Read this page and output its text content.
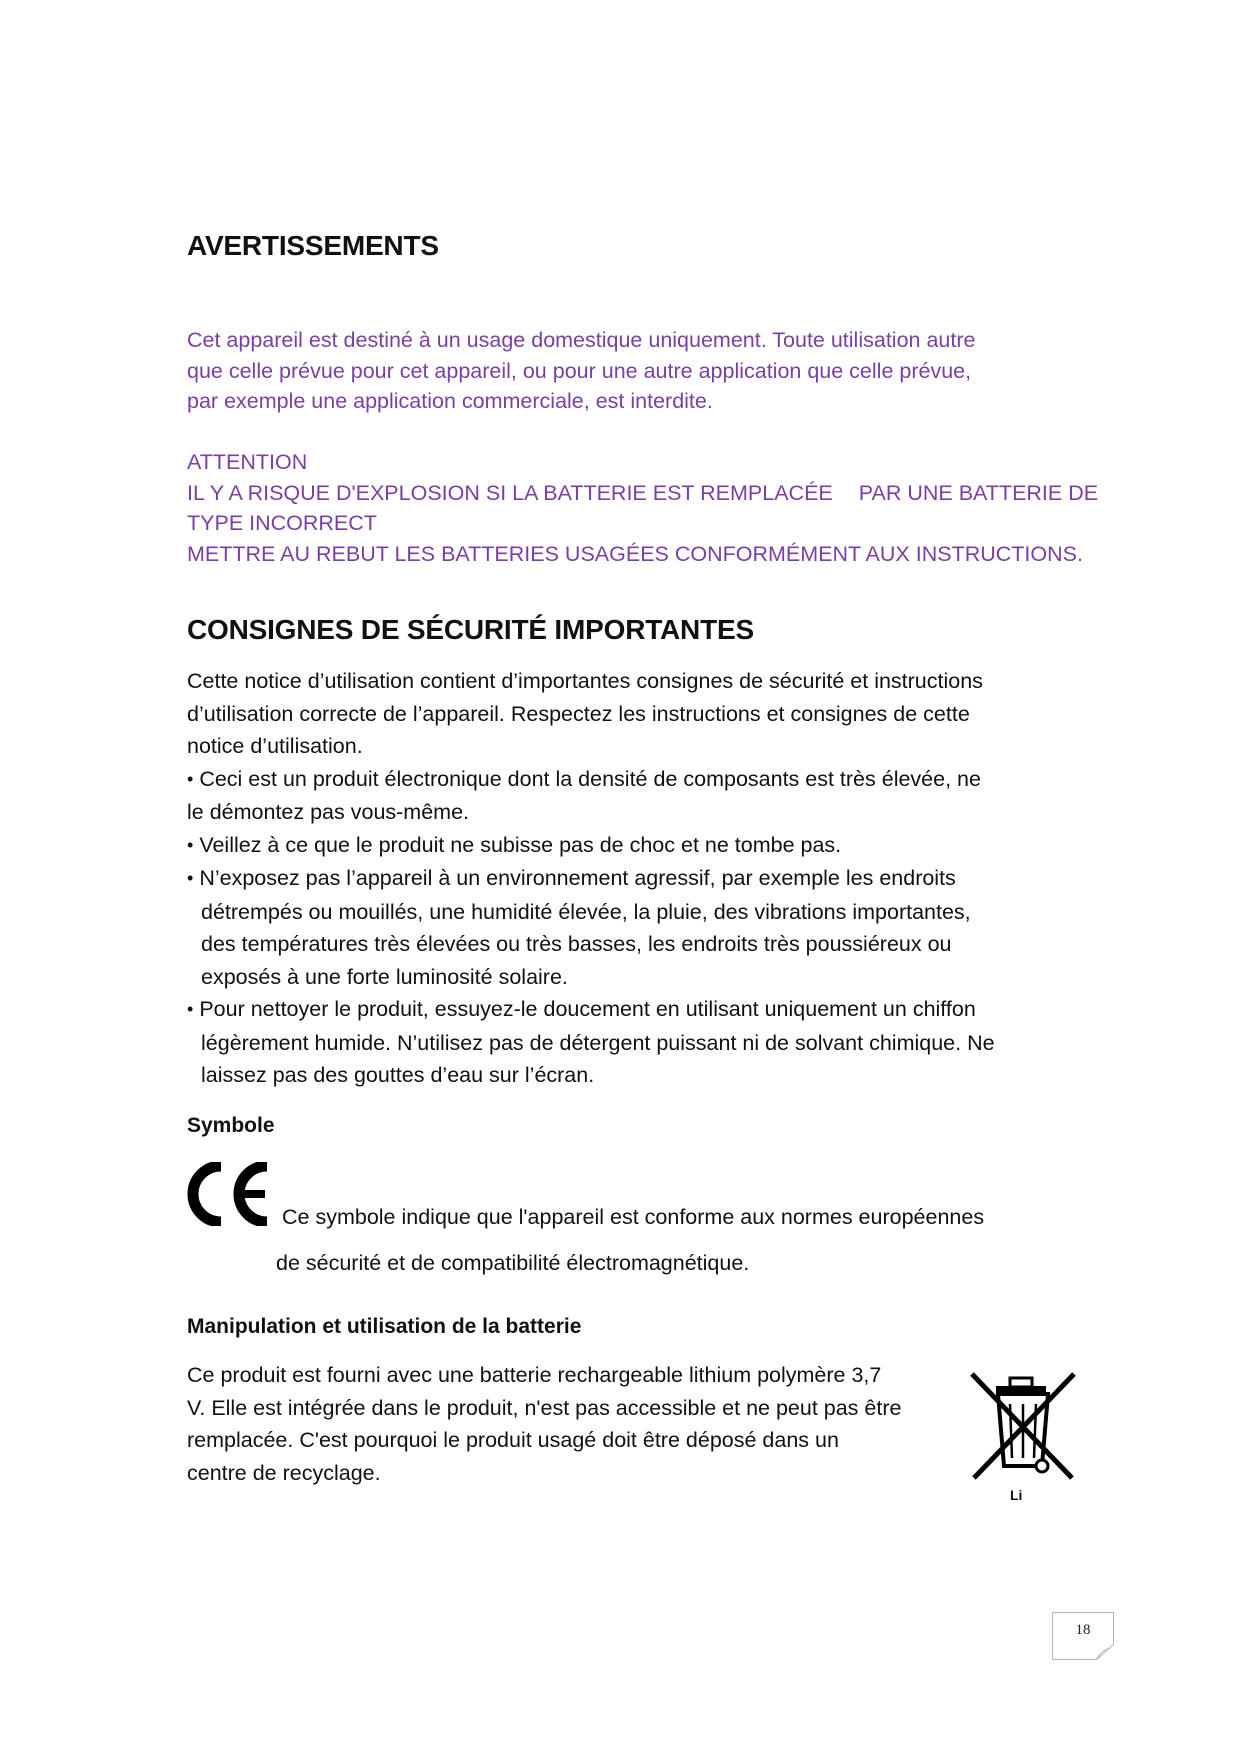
AVERTISSEMENTS
Cet appareil est destiné à un usage domestique uniquement. Toute utilisation autre
que celle prévue pour cet appareil, ou pour une autre application que celle prévue,
par exemple une application commerciale, est interdite.
ATTENTION
IL Y A RISQUE D'EXPLOSION SI LA BATTERIE EST REMPLACÉE PAR UNE BATTERIE DE
TYPE INCORRECT
METTRE AU REBUT LES BATTERIES USAGÉES CONFORMÉMENT AUX INSTRUCTIONS.
CONSIGNES DE SÉCURITÉ IMPORTANTES
Cette notice d’utilisation contient d’importantes consignes de sécurité et instructions
d’utilisation correcte de l’appareil. Respectez les instructions et consignes de cette
notice d’utilisation.
• Ceci est un produit électronique dont la densité de composants est très élevée, ne
le démontez pas vous-même.
• Veillez à ce que le produit ne subisse pas de choc et ne tombe pas.
• N’exposez pas l’appareil à un environnement agressif, par exemple les endroits
détrempés ou mouillés, une humidité élevée, la pluie, des vibrations importantes,
des températures très élevées ou très basses, les endroits très poussiéreux ou
exposés à une forte luminosité solaire.
• Pour nettoyer le produit, essuyez-le doucement en utilisant uniquement un chiffon
légèrement humide. N’utilisez pas de détergent puissant ni de solvant chimique. Ne
laissez pas des gouttes d’eau sur l’écran.

Symbole

Ce symbole indique que l'appareil est conforme aux normes européennes
de sécurité et de compatibilité électromagnétique.

Manipulation et utilisation de la batterie

Ce produit est fourni avec une batterie rechargeable lithium polymère 3,7
V. Elle est intégrée dans le produit, n'est pas accessible et ne peut pas être
remplacée. C'est pourquoi le produit usagé doit être déposé dans un
centre de recyclage.
Li
18
